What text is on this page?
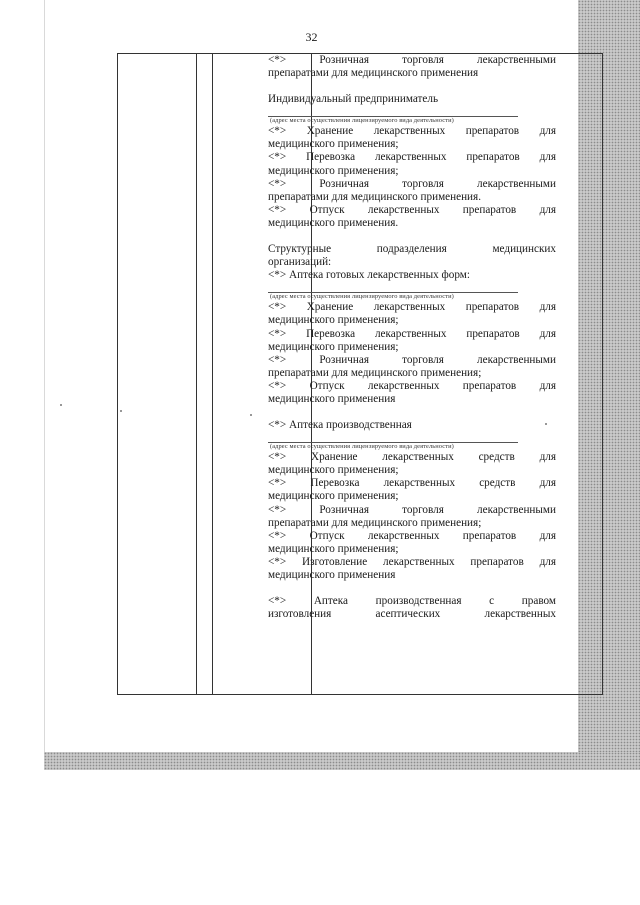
32

<*> Розничная торговля лекарственными

препаратами для медицинского применения

Индивидуальный предприниматель

(адрес места осуществления лицензируемого вида деятельности)

<*> Хранение лекарственных препаратов для

медицинского применения;

<*> Перевозка лекарственных препаратов для

медицинского применения;

<*> Розничная торговля лекарственными

препаратами для медицинского применения.

<*> Отпуск лекарственных препаратов для

медицинского применения.

Структурные подразделения медицинских

организаций:

<*> Аптека готовых лекарственных форм:

(адрес места осуществления лицензируемого вида деятельности)

<*> Хранение лекарственных препаратов для

медицинского применения;

<*> Перевозка лекарственных препаратов для

медицинского применения;

<*> Розничная торговля лекарственными

препаратами для медицинского применения;

<*> Отпуск лекарственных препаратов для

медицинского применения

<*> Аптека производственная

(адрес места осуществления лицензируемого вида деятельности)

<*> Хранение лекарственных средств для

медицинского применения;

<*> Перевозка лекарственных средств для

медицинского применения;

<*> Розничная торговля лекарственными

препаратами для медицинского применения;

<*> Отпуск лекарственных препаратов для

медицинского применения;

<*> Изготовление лекарственных препаратов для

медицинского применения

<*> Аптека производственная с правом

изготовления асептических лекарственных
